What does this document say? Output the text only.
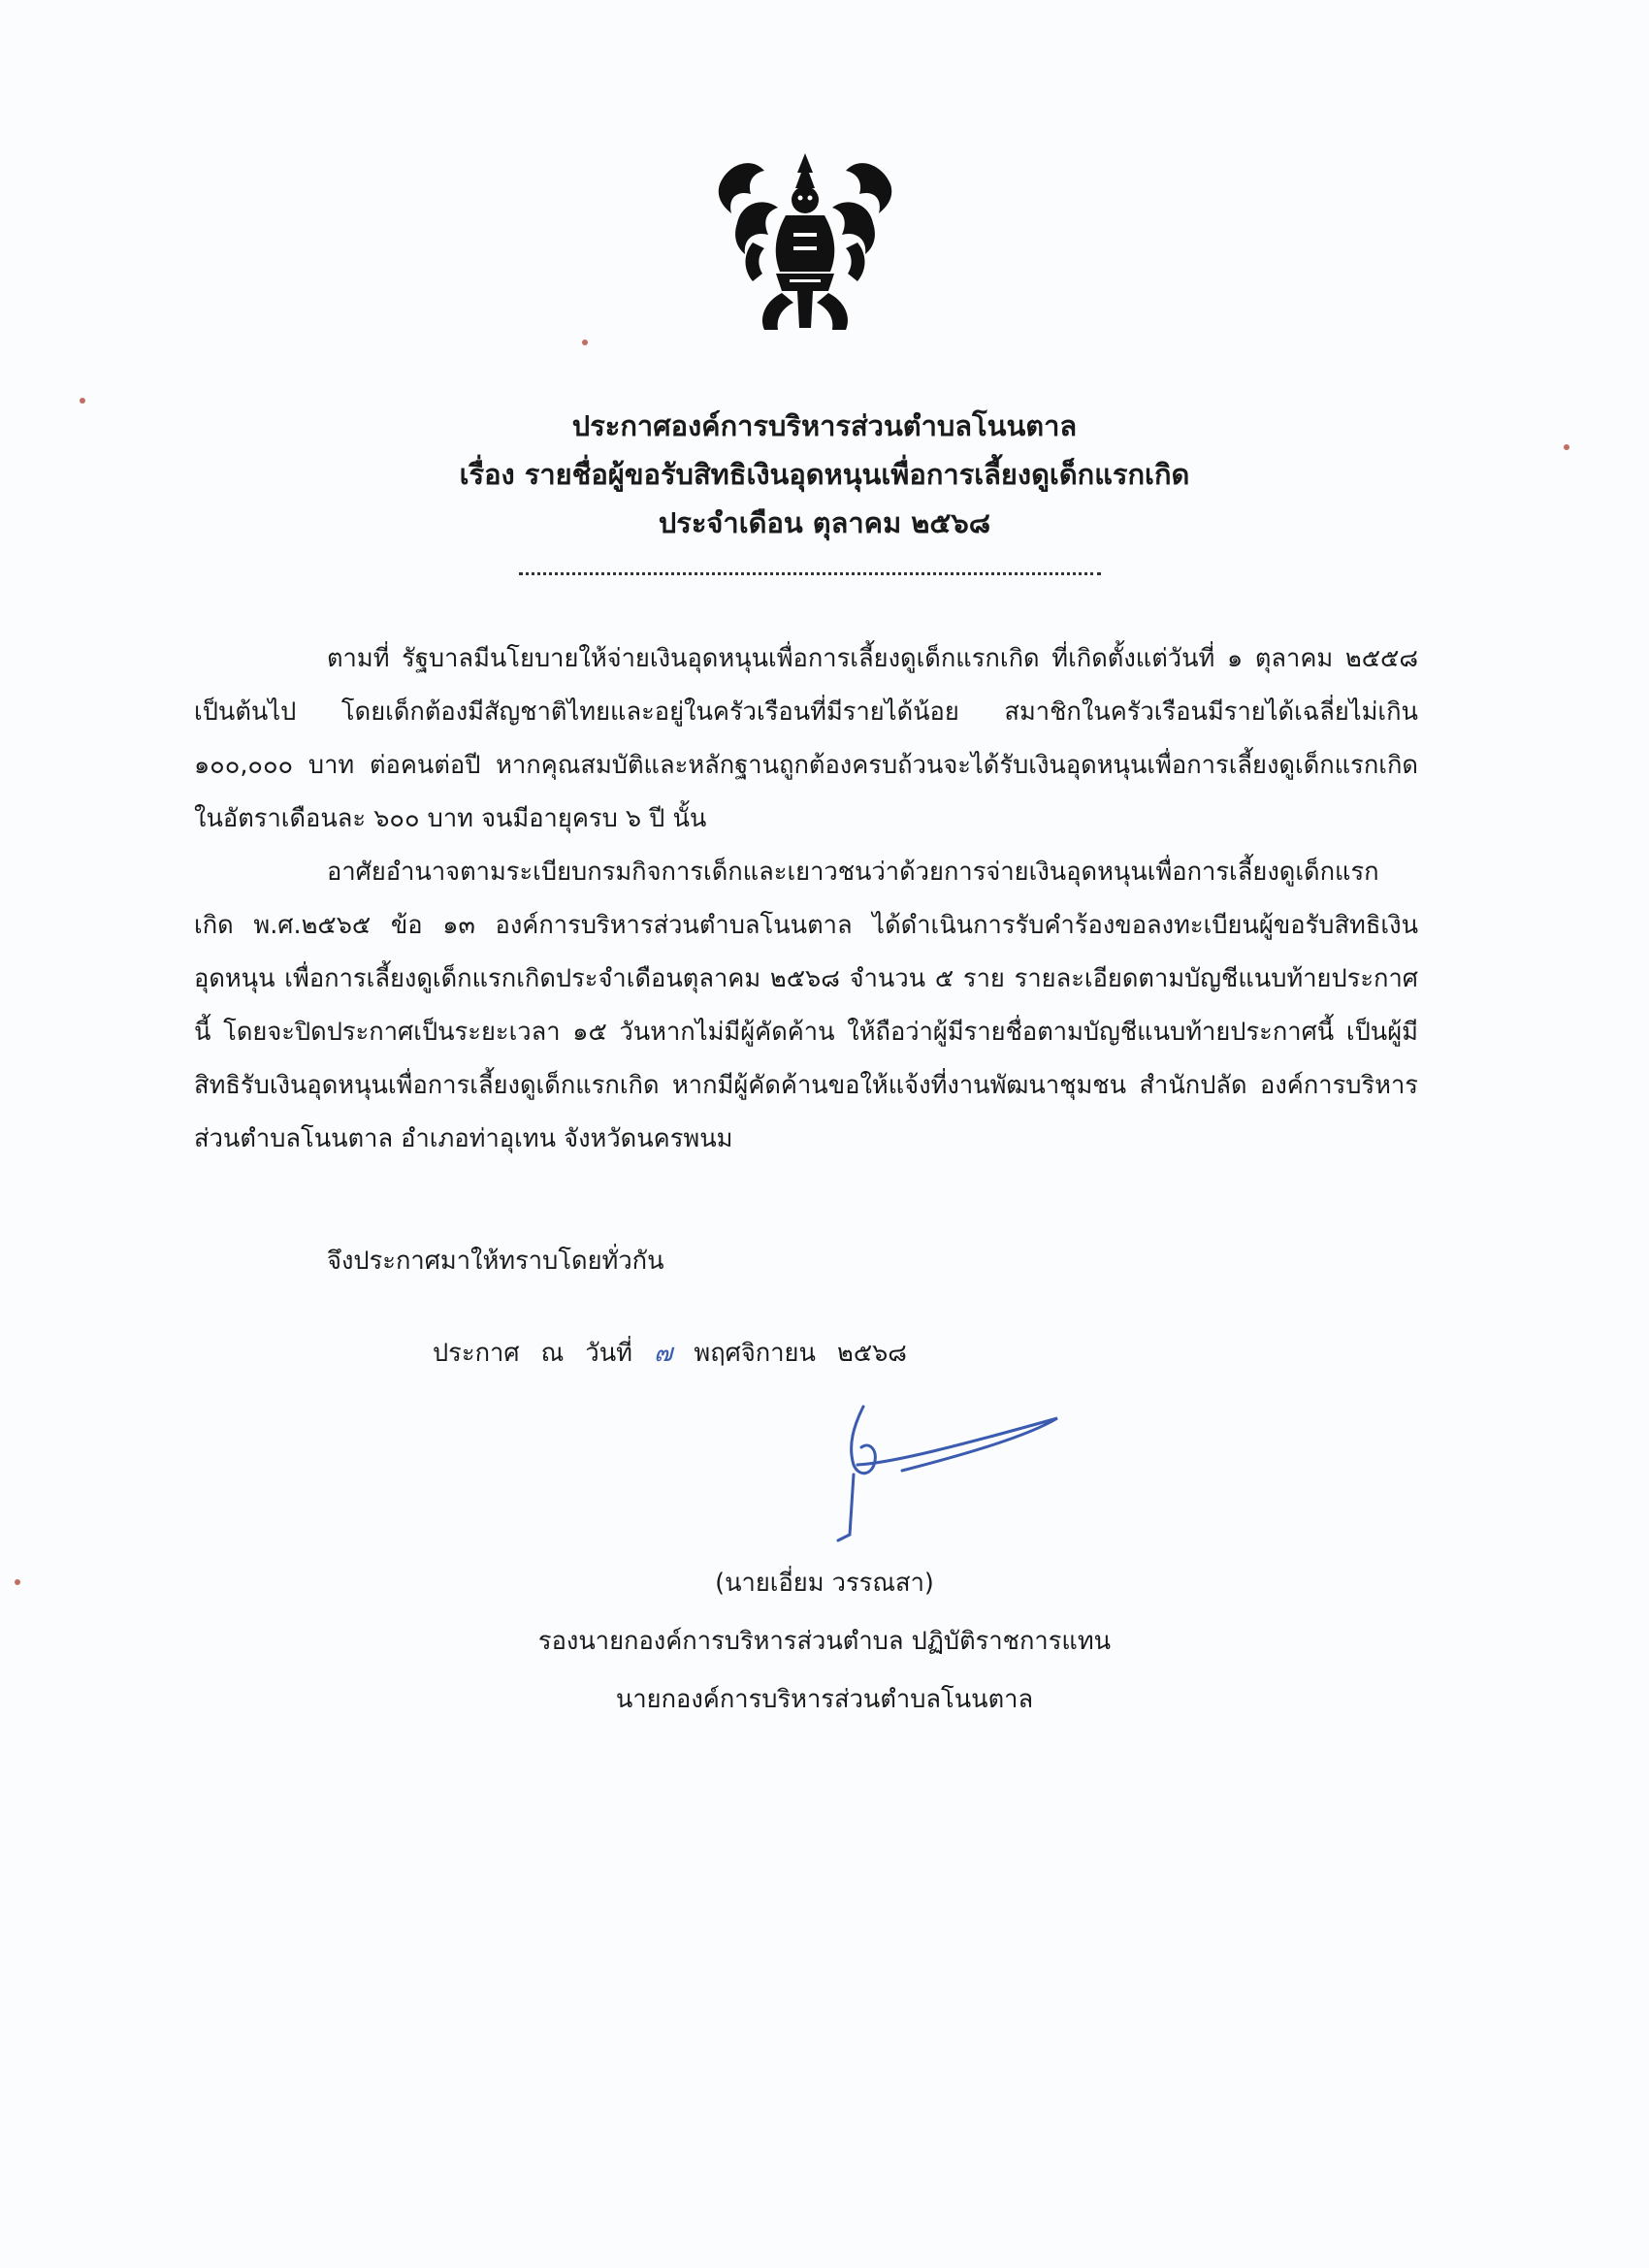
ประกาศองค์การบริหารส่วนตำบลโนนตาล
เรื่อง รายชื่อผู้ขอรับสิทธิเงินอุดหนุนเพื่อการเลี้ยงดูเด็กแรกเกิด
ประจำเดือน ตุลาคม ๒๕๖๘

ตามที่ รัฐบาลมีนโยบายให้จ่ายเงินอุดหนุนเพื่อการเลี้ยงดูเด็กแรกเกิด ที่เกิดตั้งแต่วันที่ ๑ ตุลาคม ๒๕๕๘ เป็นต้นไป โดยเด็กต้องมีสัญชาติไทยและอยู่ในครัวเรือนที่มีรายได้น้อย สมาชิกในครัวเรือนมีรายได้เฉลี่ยไม่เกิน ๑๐๐,๐๐๐ บาท ต่อคนต่อปี หากคุณสมบัติและหลักฐานถูกต้องครบถ้วนจะได้รับเงินอุดหนุนเพื่อการเลี้ยงดูเด็กแรกเกิดในอัตราเดือนละ ๖๐๐ บาท จนมีอายุครบ ๖ ปี นั้น

อาศัยอำนาจตามระเบียบกรมกิจการเด็กและเยาวชนว่าด้วยการจ่ายเงินอุดหนุนเพื่อการเลี้ยงดูเด็กแรกเกิด พ.ศ.๒๕๖๕ ข้อ ๑๓ องค์การบริหารส่วนตำบลโนนตาล ได้ดำเนินการรับคำร้องขอลงทะเบียนผู้ขอรับสิทธิเงินอุดหนุน เพื่อการเลี้ยงดูเด็กแรกเกิดประจำเดือนตุลาคม ๒๕๖๘ จำนวน ๕ ราย รายละเอียดตามบัญชีแนบท้ายประกาศนี้ โดยจะปิดประกาศเป็นระยะเวลา ๑๕ วันหากไม่มีผู้คัดค้าน ให้ถือว่าผู้มีรายชื่อตามบัญชีแนบท้ายประกาศนี้ เป็นผู้มีสิทธิรับเงินอุดหนุนเพื่อการเลี้ยงดูเด็กแรกเกิด หากมีผู้คัดค้านขอให้แจ้งที่งานพัฒนาชุมชน สำนักปลัด องค์การบริหารส่วนตำบลโนนตาล อำเภอท่าอุเทน จังหวัดนครพนม

จึงประกาศมาให้ทราบโดยทั่วกัน
ประกาศ ณ วันที่ ๗ พฤศจิกายน ๒๕๖๘
(นายเอี่ยม วรรณสา)
รองนายกองค์การบริหารส่วนตำบล ปฏิบัติราชการแทน
นายกองค์การบริหารส่วนตำบลโนนตาล
